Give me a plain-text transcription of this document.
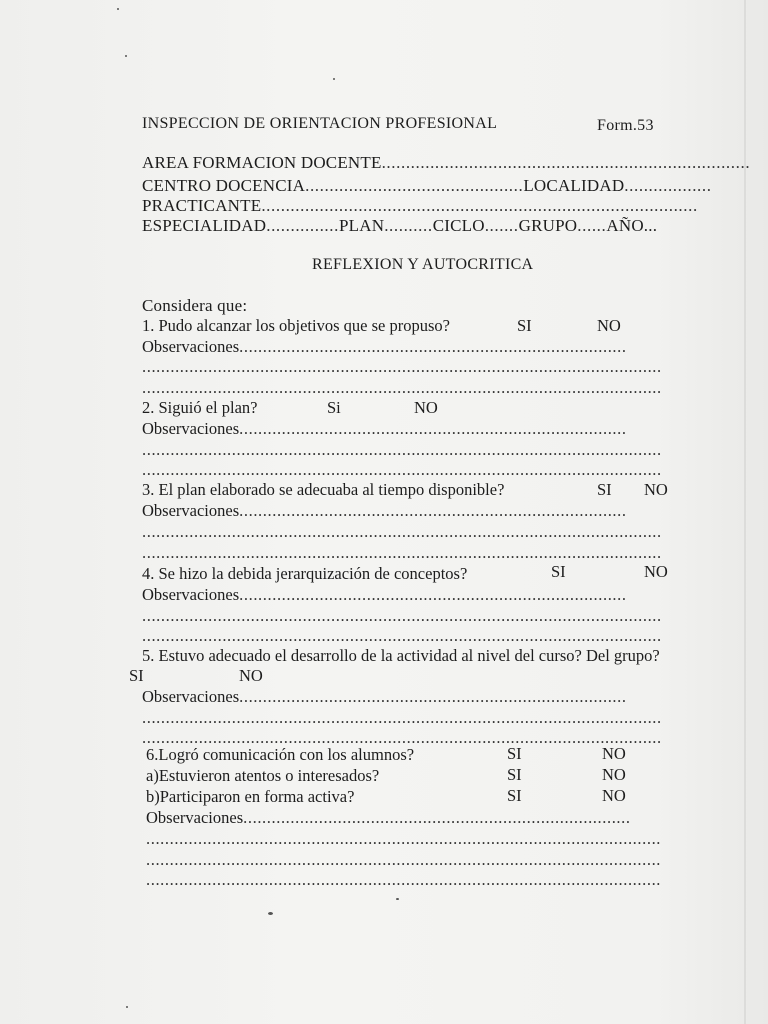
INSPECCION DE ORIENTACION PROFESIONAL	Form.53
AREA FORMACION DOCENTE............................................................................
CENTRO DOCENCIA.............................................LOCALIDAD..................
PRACTICANTE..........................................................................................
ESPECIALIDAD...............PLAN..........CICLO.......GRUPO......AÑO...
REFLEXION Y AUTOCRITICA
Considera que:
1. Pudo alcanzar los objetivos que se propuso?	SI	NO
Observaciones..................................................................................
..............................................................................................................
..............................................................................................................
2. Siguió el plan?	Si	NO
Observaciones..................................................................................
..............................................................................................................
..............................................................................................................
3. El plan elaborado se adecuaba al tiempo disponible?	SI NO
Observaciones..................................................................................
..............................................................................................................
..............................................................................................................
4. Se hizo la debida jerarquización de conceptos?	SI	NO
Observaciones..................................................................................
..............................................................................................................
..............................................................................................................
5. Estuvo adecuado el desarrollo de la actividad al nivel del curso? Del grupo?
SI	NO
Observaciones..................................................................................
..............................................................................................................
..............................................................................................................
6.Logró comunicación con los alumnos?	SI	NO
a)Estuvieron atentos o interesados?	SI	NO
b)Participaron en forma activa?	SI	NO
Observaciones..................................................................................
.............................................................................................................
.............................................................................................................
.............................................................................................................
